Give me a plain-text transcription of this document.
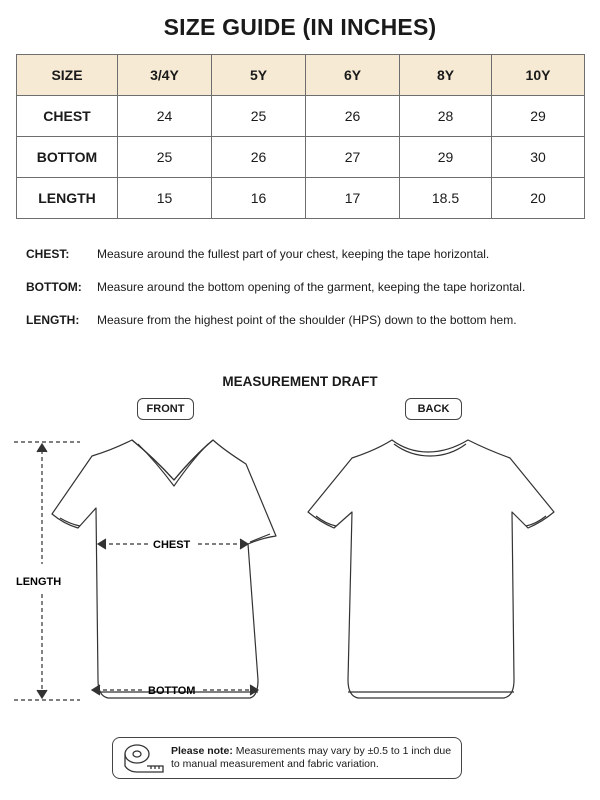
SIZE GUIDE (IN INCHES)
SIZE	3/4Y	5Y	6Y	8Y	10Y
CHEST	24	25	26	28	29
BOTTOM	25	26	27	29	30
LENGTH	15	16	17	18.5	20
CHEST: Measure around the fullest part of your chest, keeping the tape horizontal.
BOTTOM: Measure around the bottom opening of the garment, keeping the tape horizontal.
LENGTH: Measure from the highest point of the shoulder (HPS) down to the bottom hem.
MEASUREMENT DRAFT
FRONT	BACK
LENGTH
CHEST
BOTTOM
Please note: Measurements may vary by ±0.5 to 1 inch due to manual measurement and fabric variation.
